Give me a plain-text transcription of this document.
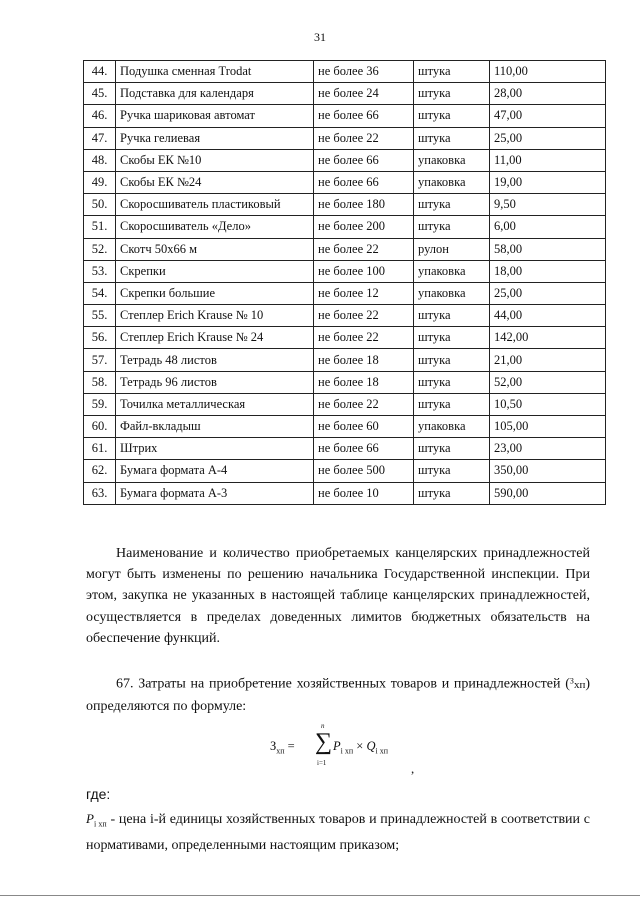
31
44.	Подушка сменная Trodat	не более 36	штука	110,00
45.	Подставка для календаря	не более 24	штука	28,00
46.	Ручка шариковая автомат	не более 66	штука	47,00
47.	Ручка гелиевая	не более 22	штука	25,00
48.	Скобы ЕК №10	не более 66	упаковка	11,00
49.	Скобы ЕК №24	не более 66	упаковка	19,00
50.	Скоросшиватель пластиковый	не более 180	штука	9,50
51.	Скоросшиватель «Дело»	не более 200	штука	6,00
52.	Скотч 50х66 м	не более 22	рулон	58,00
53.	Скрепки	не более 100	упаковка	18,00
54.	Скрепки большие	не более 12	упаковка	25,00
55.	Степлер Erich Krause № 10	не более 22	штука	44,00
56.	Степлер Erich Krause № 24	не более 22	штука	142,00
57.	Тетрадь 48 листов	не более 18	штука	21,00
58.	Тетрадь 96 листов	не более 18	штука	52,00
59.	Точилка металлическая	не более 22	штука	10,50
60.	Файл-вкладыш	не более 60	упаковка	105,00
61.	Штрих	не более 66	штука	23,00
62.	Бумага формата А-4	не более 500	штука	350,00
63.	Бумага формата А-3	не более 10	штука	590,00
Наименование и количество приобретаемых канцелярских принадлежностей могут быть изменены по решению начальника Государственной инспекции. При этом, закупка не указанных в настоящей таблице канцелярских принадлежностей, осуществляется в пределах доведенных лимитов бюджетных обязательств на обеспечение функций.
67. Затраты на приобретение хозяйственных товаров и принадлежностей ($^З$хп) определяются по формуле:
$З_{хп}$ =
n
∑
i=1
$P_{i хп} \times Q_{i хп}$
,
где:
$P_{i хп}$ - цена i-й единицы хозяйственных товаров и принадлежностей в соответствии с нормативами, определенными настоящим приказом;
